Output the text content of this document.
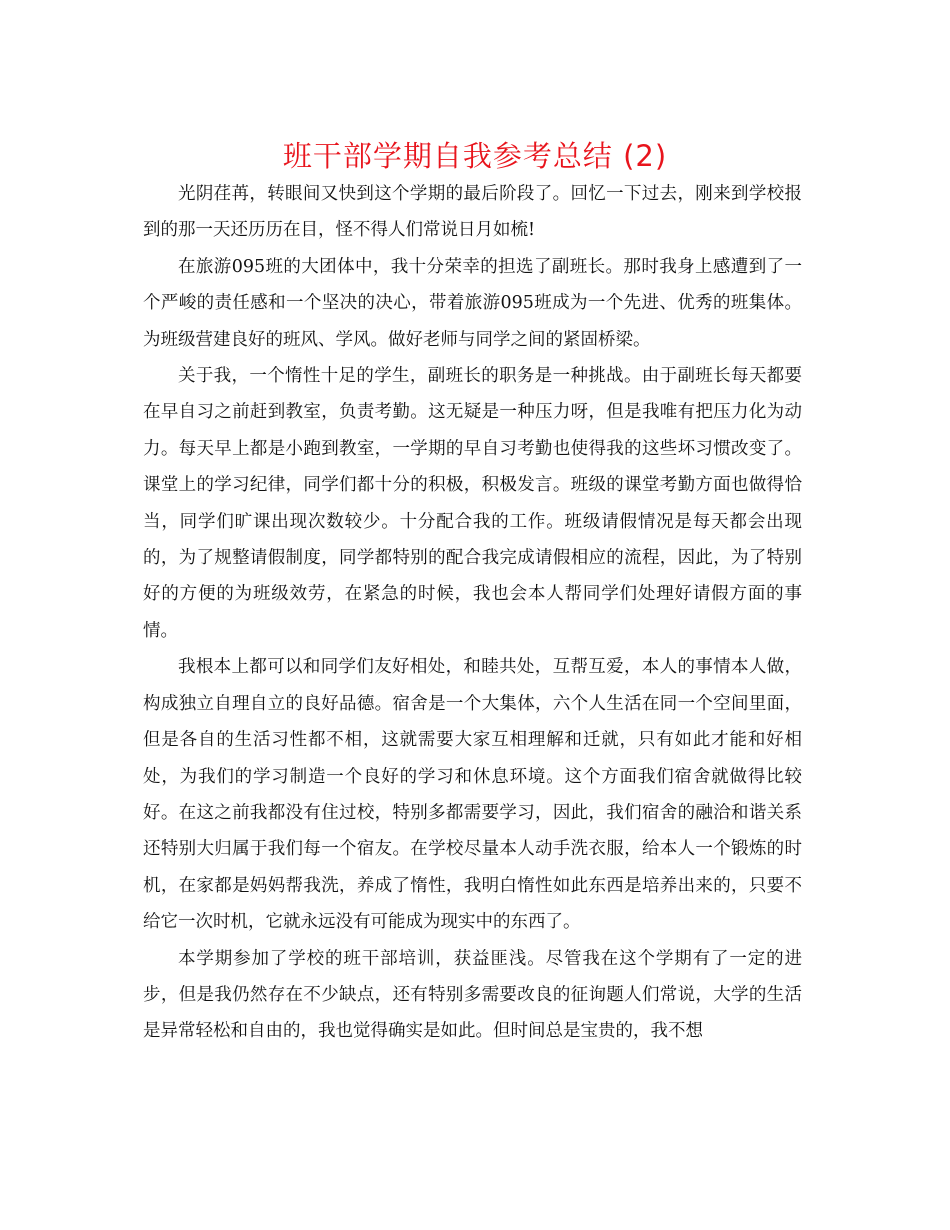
班干部学期自我参考总结 (2)

光阴荏苒，转眼间又快到这个学期的最后阶段了。回忆一下过去，刚来到学校报到的那一天还历历在目，怪不得人们常说日月如梳!

在旅游095班的大团体中，我十分荣幸的担选了副班长。那时我身上感遭到了一个严峻的责任感和一个坚决的决心，带着旅游095班成为一个先进、优秀的班集体。为班级营建良好的班风、学风。做好老师与同学之间的紧固桥梁。

关于我，一个惰性十足的学生，副班长的职务是一种挑战。由于副班长每天都要在早自习之前赶到教室，负责考勤。这无疑是一种压力呀，但是我唯有把压力化为动力。每天早上都是小跑到教室，一学期的早自习考勤也使得我的这些坏习惯改变了。课堂上的学习纪律，同学们都十分的积极，积极发言。班级的课堂考勤方面也做得恰当，同学们旷课出现次数较少。十分配合我的工作。班级请假情况是每天都会出现的，为了规整请假制度，同学都特别的配合我完成请假相应的流程，因此，为了特别好的方便的为班级效劳，在紧急的时候，我也会本人帮同学们处理好请假方面的事情。

我根本上都可以和同学们友好相处，和睦共处，互帮互爱，本人的事情本人做，构成独立自理自立的良好品德。宿舍是一个大集体，六个人生活在同一个空间里面，但是各自的生活习性都不相，这就需要大家互相理解和迁就，只有如此才能和好相处，为我们的学习制造一个良好的学习和休息环境。这个方面我们宿舍就做得比较好。在这之前我都没有住过校，特别多都需要学习，因此，我们宿舍的融洽和谐关系还特别大归属于我们每一个宿友。在学校尽量本人动手洗衣服，给本人一个锻炼的时机，在家都是妈妈帮我洗，养成了惰性，我明白惰性如此东西是培养出来的，只要不给它一次时机，它就永远没有可能成为现实中的东西了。

本学期参加了学校的班干部培训，获益匪浅。尽管我在这个学期有了一定的进步，但是我仍然存在不少缺点，还有特别多需要改良的征询题人们常说，大学的生活是异常轻松和自由的，我也觉得确实是如此。但时间总是宝贵的，我不想
